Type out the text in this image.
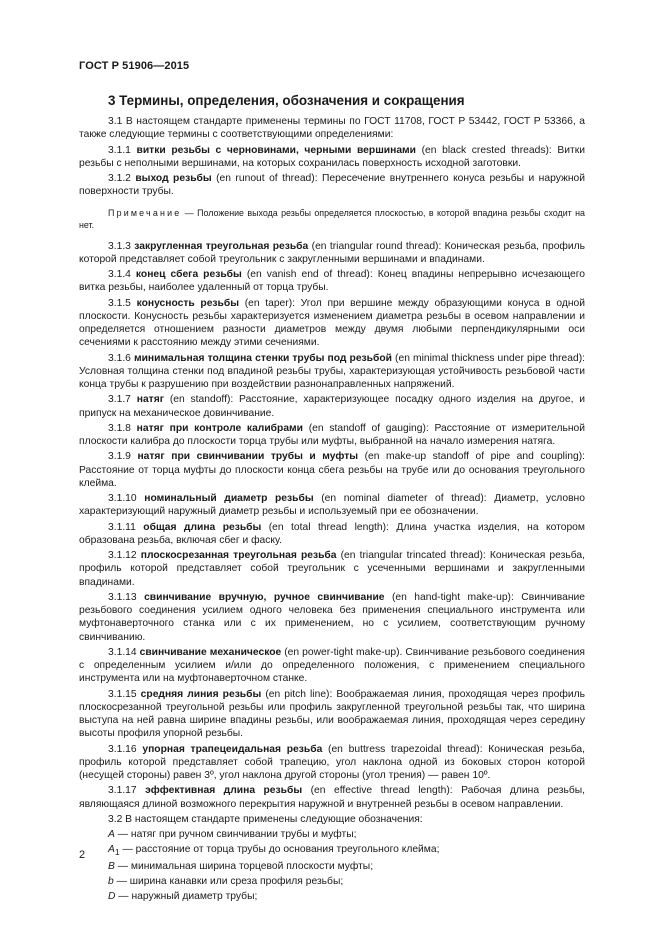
ГОСТ Р 51906—2015
3 Термины, определения, обозначения и сокращения

3.1 В настоящем стандарте применены термины по ГОСТ 11708, ГОСТ Р 53442, ГОСТ Р 53366, а также следующие термины с соответствующими определениями:

3.1.1 витки резьбы с черновинами, черными вершинами (en black crested threads): Витки резьбы с неполными вершинами, на которых сохранилась поверхность исходной заготовки.

3.1.2 выход резьбы (en runout of thread): Пересечение внутреннего конуса резьбы и наружной поверхности трубы.

Примечание — Положение выхода резьбы определяется плоскостью, в которой впадина резьбы сходит на нет.

3.1.3 закругленная треугольная резьба (en triangular round thread): Коническая резьба, профиль которой представляет собой треугольник с закругленными вершинами и впадинами.

3.1.4 конец сбега резьбы (en vanish end of thread): Конец впадины непрерывно исчезающего витка резьбы, наиболее удаленный от торца трубы.

3.1.5 конусность резьбы (en taper): Угол при вершине между образующими конуса в одной плоскости. Конусность резьбы характеризуется изменением диаметра резьбы в осевом направлении и определяется отношением разности диаметров между двумя любыми перпендикулярными оси сечениями к расстоянию между этими сечениями.

3.1.6 минимальная толщина стенки трубы под резьбой (en minimal thickness under pipe thread): Условная толщина стенки под впадиной резьбы трубы, характеризующая устойчивость резьбовой части конца трубы к разрушению при воздействии разнонаправленных напряжений.

3.1.7 натяг (en standoff): Расстояние, характеризующее посадку одного изделия на другое, и припуск на механическое довинчивание.

3.1.8 натяг при контроле калибрами (en standoff of gauging): Расстояние от измерительной плоскости калибра до плоскости торца трубы или муфты, выбранной на начало измерения натяга.

3.1.9 натяг при свинчивании трубы и муфты (en make-up standoff of pipe and coupling): Расстояние от торца муфты до плоскости конца сбега резьбы на трубе или до основания треугольного клейма.

3.1.10 номинальный диаметр резьбы (en nominal diameter of thread): Диаметр, условно характеризующий наружный диаметр резьбы и используемый при ее обозначении.

3.1.11 общая длина резьбы (en total thread length): Длина участка изделия, на котором образована резьба, включая сбег и фаску.

3.1.12 плоскосрезанная треугольная резьба (en triangular trincated thread): Коническая резьба, профиль которой представляет собой треугольник с усеченными вершинами и закругленными впадинами.

3.1.13 свинчивание вручную, ручное свинчивание (en hand-tight make-up): Свинчивание резьбового соединения усилием одного человека без применения специального инструмента или муфтонаверточного станка или с их применением, но с усилием, соответствующим ручному свинчиванию.

3.1.14 свинчивание механическое (en power-tight make-up). Свинчивание резьбового соединения с определенным усилием и/или до определенного положения, с применением специального инструмента или на муфтонаверточном станке.

3.1.15 средняя линия резьбы (en pitch line): Воображаемая линия, проходящая через профиль плоскосрезанной треугольной резьбы или профиль закругленной треугольной резьбы так, что ширина выступа на ней равна ширине впадины резьбы, или воображаемая линия, проходящая через середину высоты профиля упорной резьбы.

3.1.16 упорная трапецеидальная резьба (en buttress trapezoidal thread): Коническая резьба, профиль которой представляет собой трапецию, угол наклона одной из боковых сторон которой (несущей стороны) равен 3º, угол наклона другой стороны (угол трения) — равен 10º.

3.1.17 эффективная длина резьбы (en effective thread length): Рабочая длина резьбы, являющаяся длиной возможного перекрытия наружной и внутренней резьбы в осевом направлении.

3.2 В настоящем стандарте применены следующие обозначения:

A — натяг при ручном свинчивании трубы и муфты;
$A_1$ — расстояние от торца трубы до основания треугольного клейма;
B — минимальная ширина торцевой плоскости муфты;
b — ширина канавки или среза профиля резьбы;
D — наружный диаметр трубы;
2
